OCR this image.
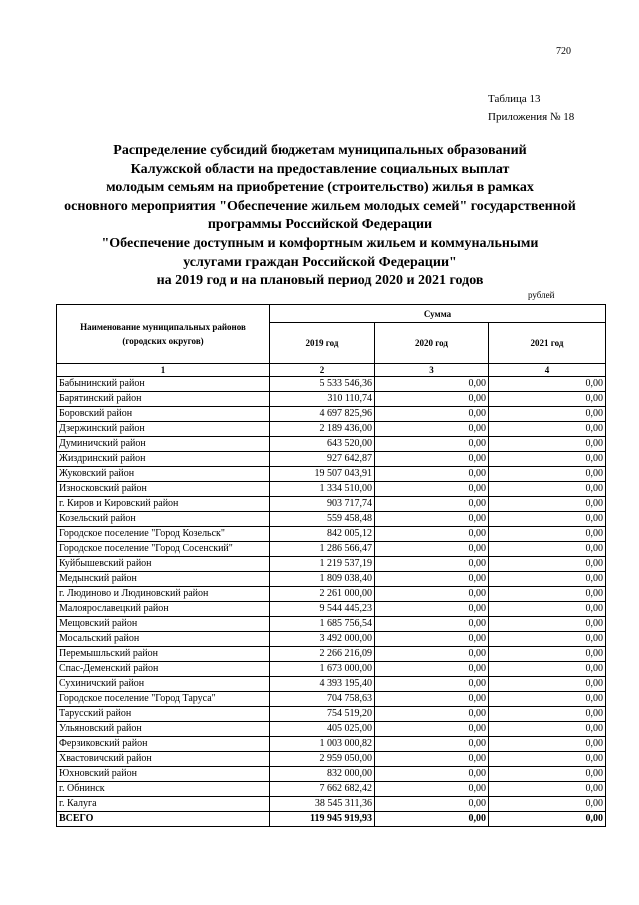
720
Таблица 13
Приложения № 18
Распределение субсидий бюджетам муниципальных образований
Калужской области на предоставление социальных выплат
молодым семьям на приобретение (строительство) жилья в рамках
основного мероприятия "Обеспечение жильем молодых семей" государственной
программы Российской Федерации
"Обеспечение доступным и комфортным жильем и коммунальными
услугами граждан Российской Федерации"
на 2019 год и на плановый период 2020 и 2021 годов
рублей
Наименование муниципальных районов (городских округов)	Сумма		
	2019 год	2020 год	2021 год
1	2	3	4
Бабынинский район	5 533 546,36	0,00	0,00
Барятинский район	310 110,74	0,00	0,00
Боровский район	4 697 825,96	0,00	0,00
Дзержинский район	2 189 436,00	0,00	0,00
Думиничский район	643 520,00	0,00	0,00
Жиздринский район	927 642,87	0,00	0,00
Жуковский район	19 507 043,91	0,00	0,00
Износковский район	1 334 510,00	0,00	0,00
г. Киров и Кировский район	903 717,74	0,00	0,00
Козельский район	559 458,48	0,00	0,00
Городское поселение "Город Козельск"	842 005,12	0,00	0,00
Городское поселение "Город Сосенский"	1 286 566,47	0,00	0,00
Куйбышевский район	1 219 537,19	0,00	0,00
Медынский район	1 809 038,40	0,00	0,00
г. Людиново и Людиновский район	2 261 000,00	0,00	0,00
Малоярославецкий район	9 544 445,23	0,00	0,00
Мещовский район	1 685 756,54	0,00	0,00
Мосальский район	3 492 000,00	0,00	0,00
Перемышльский район	2 266 216,09	0,00	0,00
Спас-Деменский район	1 673 000,00	0,00	0,00
Сухиничский район	4 393 195,40	0,00	0,00
Городское поселение "Город Таруса"	704 758,63	0,00	0,00
Тарусский район	754 519,20	0,00	0,00
Ульяновский район	405 025,00	0,00	0,00
Ферзиковский район	1 003 000,82	0,00	0,00
Хвастовичский район	2 959 050,00	0,00	0,00
Юхновский район	832 000,00	0,00	0,00
г. Обнинск	7 662 682,42	0,00	0,00
г. Калуга	38 545 311,36	0,00	0,00
ВСЕГО	119 945 919,93	0,00	0,00
